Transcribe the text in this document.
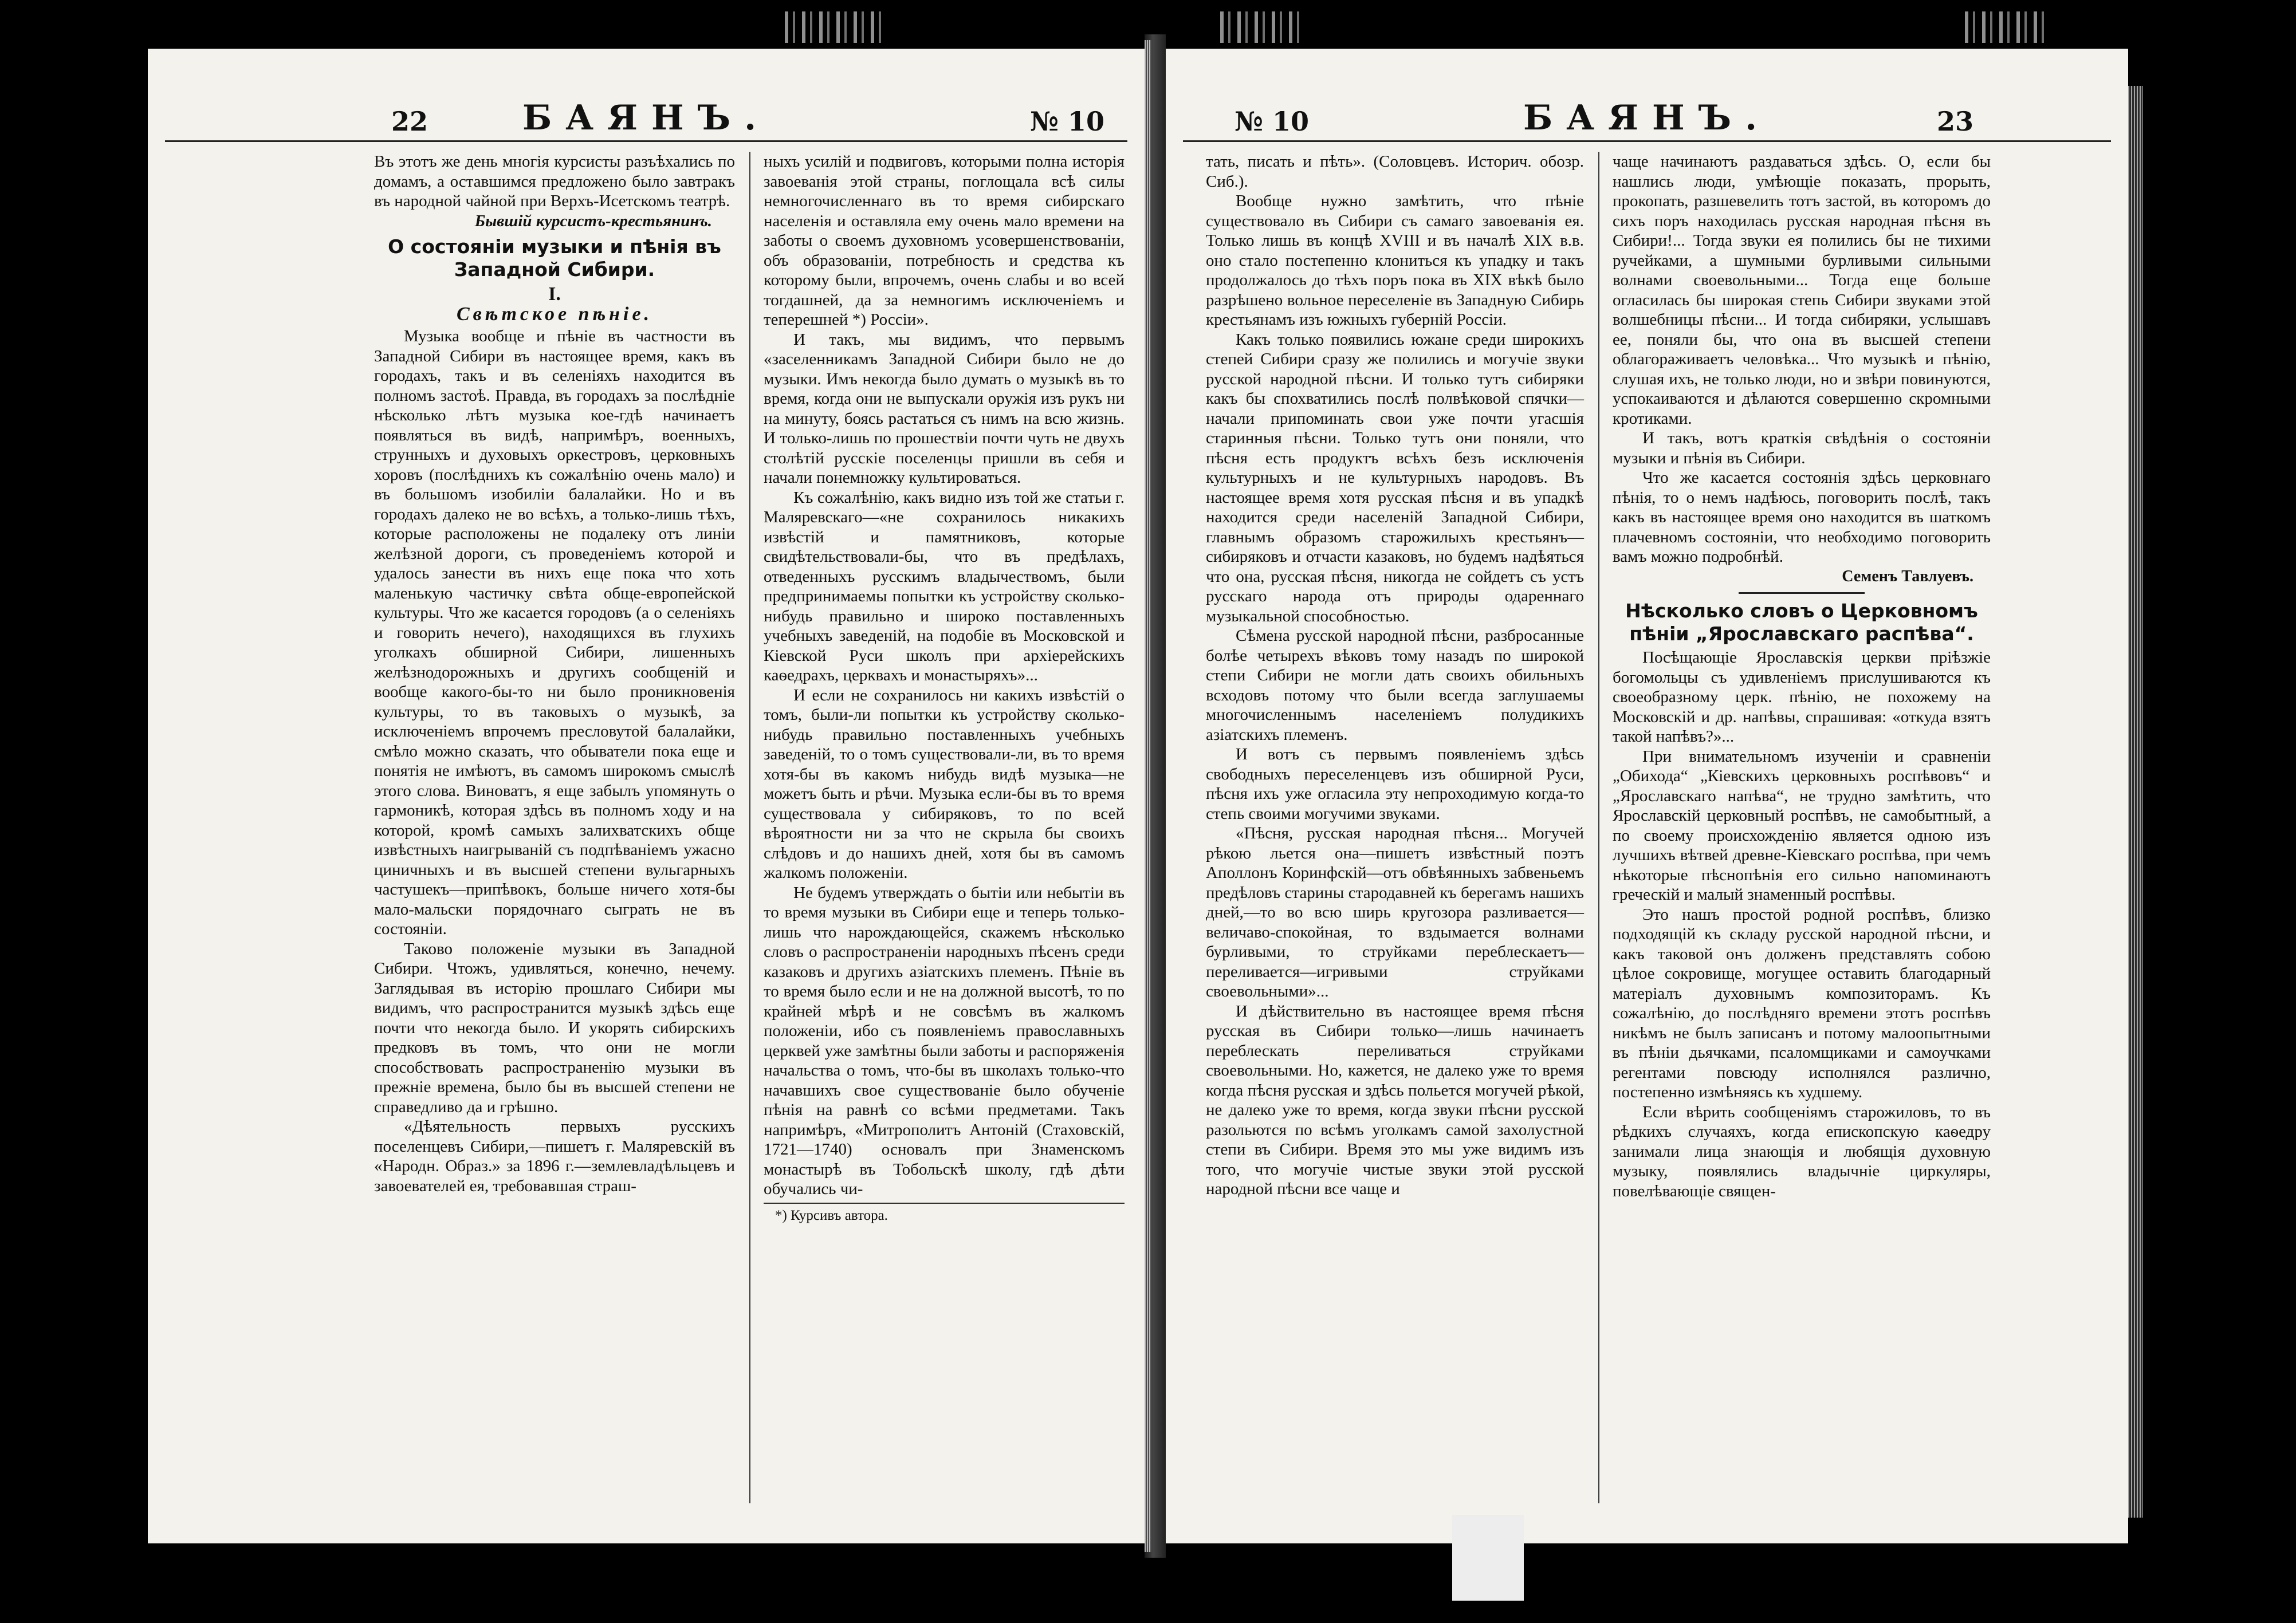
22	БАЯНЪ.	№ 10

Въ этотъ же день многiя курсисты разъѣхались по домамъ, а оставшимся предложено было завтракъ въ народной чайной при Верхъ-Исетскомъ театрѣ.

Бывшiй курсистъ-крестьянинъ.

О состоянiи музыки и пѣнiя въ Западной Сибири.

I.

Свѣтское пѣнiе.

Музыка вообще и пѣнiе въ частности въ Западной Сибири въ настоящее время, какъ въ городахъ, такъ и въ селенiяхъ находится въ полномъ застоѣ. Правда, въ городахъ за послѣднiе нѣсколько лѣтъ музыка кое-гдѣ начинаетъ появляться въ видѣ, напримѣръ, военныхъ, струнныхъ и духовыхъ оркестровъ, церковныхъ хоровъ (послѣднихъ къ сожалѣнiю очень мало) и въ большомъ изобилiи балалайки. Но и въ городахъ далеко не во всѣхъ, а только-лишь тѣхъ, которые расположены не подалеку отъ линiи желѣзной дороги, съ проведенiемъ которой и удалось занести въ нихъ еще пока что хоть маленькую частичку свѣта обще-европейской культуры. Что же касается городовъ (а о селенiяхъ и говорить нечего), находящихся въ глухихъ уголкахъ обширной Сибири, лишенныхъ желѣзнодорожныхъ и другихъ сообщенiй и вообще какого-бы-то ни было проникновенiя культуры, то въ таковыхъ о музыкѣ, за исключенiемъ впрочемъ пресловутой балалайки, смѣло можно сказать, что обыватели пока еще и понятiя не имѣютъ, въ самомъ широкомъ смыслѣ этого слова. Виноватъ, я еще забылъ упомянуть о гармоникѣ, которая здѣсь въ полномъ ходу и на которой, кромѣ самыхъ залихватскихъ обще извѣстныхъ наигрываній съ подпѣванiемъ ужасно циничныхъ и въ высшей степени вульгарныхъ частушекъ—припѣвокъ, больше ничего хотя-бы мало-мальски порядочнаго сыграть не въ состоянiи.

Таково положенiе музыки въ Западной Сибири. Чтожъ, удивляться, конечно, нечему. Заглядывая въ исторiю прошлаго Сибири мы видимъ, что распространится музыкѣ здѣсь еще почти что некогда было. И укорять сибирскихъ предковъ въ томъ, что они не могли способствовать распространенiю музыки въ прежнiе времена, было бы въ высшей степени не справедливо да и грѣшно.

«Дѣятельность первыхъ русскихъ поселенцевъ Сибири,—пишетъ г. Маляревскiй въ «Народн. Образ.» за 1896 г.—землевладѣльцевъ и завоевателей ея, требовавшая страш-

ныхъ усилiй и подвиговъ, которыми полна исторiя завоеванiя этой страны, поглощала всѣ силы немногочисленнаго въ то время сибирскаго населенiя и оставляла ему очень мало времени на заботы о своемъ духовномъ усовершенствованiи, объ образованiи, потребность и средства къ которому были, впрочемъ, очень слабы и во всей тогдашней, да за немногимъ исключенiемъ и теперешней *) Россiи».

И такъ, мы видимъ, что первымъ «заселенникамъ Западной Сибири было не до музыки. Имъ некогда было думать о музыкѣ въ то время, когда они не выпускали оружiя изъ рукъ ни на минуту, боясь растаться съ нимъ на всю жизнь. И только-лишь по прошествiи почти чуть не двухъ столѣтiй русскiе поселенцы пришли въ себя и начали понемножку культироваться.

Къ сожалѣнiю, какъ видно изъ той же статьи г. Маляревскаго—«не сохранилось никакихъ извѣстiй и памятниковъ, которые свидѣтельствовали-бы, что въ предѣлахъ, отведенныхъ русскимъ владычествомъ, были предпринимаемы попытки къ устройству сколько-нибудь правильно и широко поставленныхъ учебныхъ заведенiй, на подобiе въ Московской и Кiевской Руси школъ при архiерейскихъ каѳедрахъ, церквахъ и монастыряхъ»...

И если не сохранилось ни какихъ извѣстiй о томъ, были-ли попытки къ устройству сколько-нибудь правильно поставленныхъ учебныхъ заведенiй, то о томъ существовали-ли, въ то время хотя-бы въ какомъ нибудь видѣ музыка—не можетъ быть и рѣчи. Музыка если-бы въ то время существовала у сибиряковъ, то по всей вѣроятности ни за что не скрыла бы своихъ слѣдовъ и до нашихъ дней, хотя бы въ самомъ жалкомъ положенiи.

Не будемъ утверждать о бытiи или небытiи въ то время музыки въ Сибири еще и теперь только-лишь что нарождающейся, скажемъ нѣсколько словъ о распространенiи народныхъ пѣсенъ среди казаковъ и другихъ азiатскихъ племенъ. Пѣнiе въ то время было если и не на должной высотѣ, то по крайней мѣрѣ и не совсѣмъ въ жалкомъ положенiи, ибо съ появленiемъ православныхъ церквей уже замѣтны были заботы и распоряженiя начальства о томъ, что-бы въ школахъ только-что начавшихъ свое существованiе было обученiе пѣнiя на равнѣ со всѣми предметами. Такъ напримѣръ, «Митрополитъ Антонiй (Стаховскiй, 1721—1740) основалъ при Знаменскомъ монастырѣ въ Тобольскѣ школу, гдѣ дѣти обучались чи-

*) Курсивъ автора.

№ 10	БАЯНЪ.	23

тать, писать и пѣть». (Соловцевъ. Историч. обозр. Сиб.).

Вообще нужно замѣтить, что пѣнiе существовало въ Сибири съ самаго завоеванiя ея. Только лишь въ концѣ XVIII и въ началѣ XIX в.в. оно стало постепенно клониться къ упадку и такъ продолжалось до тѣхъ поръ пока въ XIX вѣкѣ было разрѣшено вольное переселенiе въ Западную Сибирь крестьянамъ изъ южныхъ губернiй Россiи.

Какъ только появились южане среди широкихъ степей Сибири сразу же полились и могучiе звуки русской народной пѣсни. И только тутъ сибиряки какъ бы спохватились послѣ полвѣковой спячки—начали припоминать свои уже почти угасшiя старинныя пѣсни. Только тутъ они поняли, что пѣсня есть продуктъ всѣхъ безъ исключенiя культурныхъ и не культурныхъ народовъ. Въ настоящее время хотя русская пѣсня и въ упадкѣ находится среди населенiй Западной Сибири, главнымъ образомъ старожилыхъ крестьянъ—сибиряковъ и отчасти казаковъ, но будемъ надѣяться что она, русская пѣсня, никогда не сойдетъ съ устъ русскаго народа отъ природы одареннаго музыкальной способностью.

Сѣмена русской народной пѣсни, разбросанные болѣе четырехъ вѣковъ тому назадъ по широкой степи Сибири не могли дать своихъ обильныхъ всходовъ потому что были всегда заглушаемы многочисленнымъ населенiемъ полудикихъ азiатскихъ племенъ.

И вотъ съ первымъ появленiемъ здѣсь свободныхъ переселенцевъ изъ обширной Руси, пѣсня ихъ уже огласила эту непроходимую когда-то степь своими могучими звуками.

«Пѣсня, русская народная пѣсня... Могучей рѣкою льется она—пишетъ извѣстный поэтъ Аполлонъ Коринфскiй—отъ обвѣянныхъ забвеньемъ предѣловъ старины стародавней къ берегамъ нашихъ дней,—то во всю ширь кругозора разливается—величаво-спокойная, то вздымается волнами бурливыми, то струйками переблескаетъ—переливается—игривыми струйками своевольными»...

И дѣйствительно въ настоящее время пѣсня русская въ Сибири только—лишь начинаетъ переблескать переливаться струйками своевольными. Но, кажется, не далеко уже то время когда пѣсня русская и здѣсь польется могучей рѣкой, не далеко уже то время, когда звуки пѣсни русской разольются по всѣмъ уголкамъ самой захолустной степи въ Сибири. Время это мы уже видимъ изъ того, что могучiе чистые звуки этой русской народной пѣсни все чаще и

чаще начинаютъ раздаваться здѣсь. О, если бы нашлись люди, умѣющiе показать, прорыть, прокопать, разшевелить тотъ застой, въ которомъ до сихъ поръ находилась русская народная пѣсня въ Сибири!... Тогда звуки ея полились бы не тихими ручейками, а шумными бурливыми сильными волнами своевольными... Тогда еще больше огласилась бы широкая степь Сибири звуками этой волшебницы пѣсни... И тогда сибиряки, услышавъ ее, поняли бы, что она въ высшей степени облагораживаетъ человѣка... Что музыкѣ и пѣнiю, слушая ихъ, не только люди, но и звѣри повинуются, успокаиваются и дѣлаются совершенно скромными кротиками.

И такъ, вотъ краткiя свѣдѣнiя о состоянiи музыки и пѣнiя въ Сибири.

Что же касается состоянiя здѣсь церковнаго пѣнiя, то о немъ надѣюсь, поговорить послѣ, такъ какъ въ настоящее время оно находится въ шаткомъ плачевномъ состоянiи, что необходимо поговорить вамъ можно подробнѣй.

Семенъ Тавлуевъ.

Нѣсколько словъ о Церковномъ пѣнiи „Ярославскаго распѣва“.

Посѣщающiе Ярославскiя церкви прiѣзжiе богомольцы съ удивленiемъ прислушиваются къ своеобразному церк. пѣнiю, не похожему на Московскiй и др. напѣвы, спрашивая: «откуда взятъ такой напѣвъ?»...

При внимательномъ изученiи и сравненiи „Обихода“ „Кiевскихъ церковныхъ роспѣвовъ“ и „Ярославскаго напѣва“, не трудно замѣтить, что Ярославскiй церковный роспѣвъ, не самобытный, а по своему происхожденiю является одною изъ лучшихъ вѣтвей древне-Кiевскаго роспѣва, при чемъ нѣкоторые пѣснопѣнiя его сильно напоминаютъ греческiй и малый знаменный роспѣвы.

Это нашъ простой родной роспѣвъ, близко подходящiй къ складу русской народной пѣсни, и какъ таковой онъ долженъ представлять собою цѣлое сокровище, могущее оставить благодарный матерiалъ духовнымъ композиторамъ. Къ сожалѣнiю, до послѣдняго времени этотъ роспѣвъ никѣмъ не былъ записанъ и потому малоопытными въ пѣнiи дьячками, псаломщиками и самоучками регентами повсюду исполнялся различно, постепенно измѣняясь къ худшему.

Если вѣрить сообщенiямъ старожиловъ, то въ рѣдкихъ случаяхъ, когда епископскую каѳедру занимали лица знающiя и любящiя духовную музыку, появлялись владычнiе циркуляры, повелѣвающiе священ-
